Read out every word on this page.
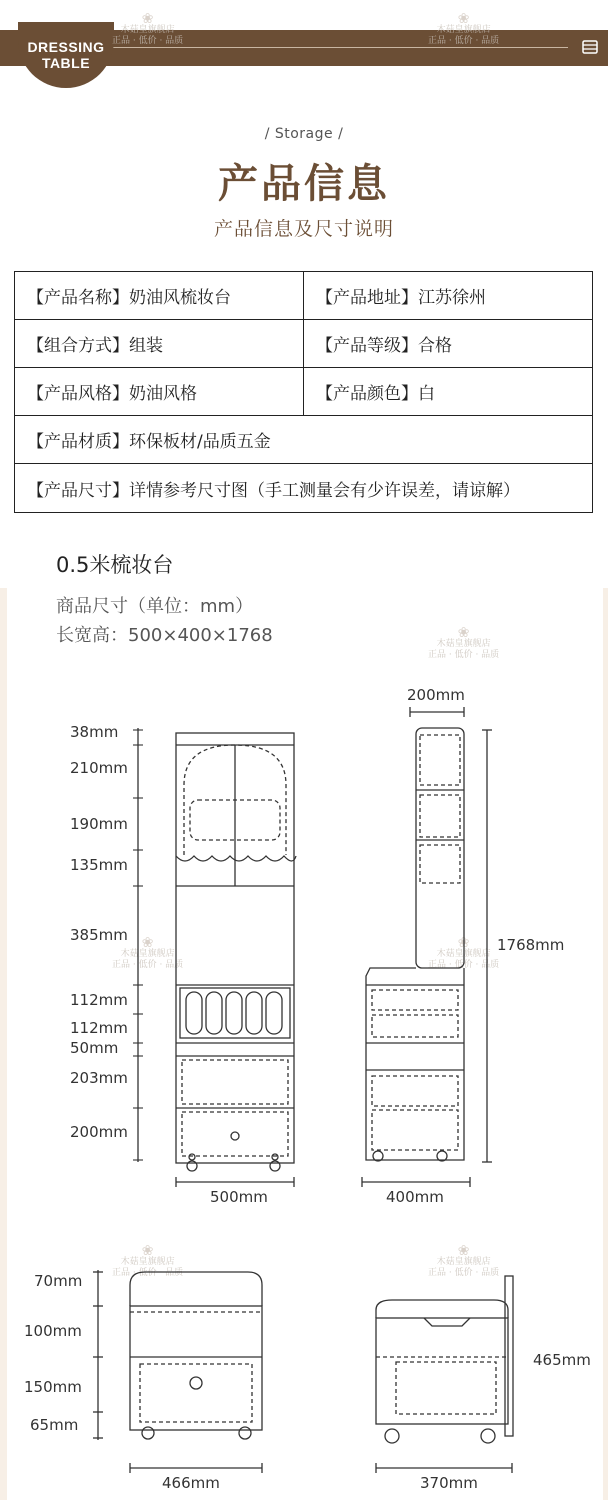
DRESSING
TABLE
❀
木菇皇旗舰店
正品 · 低价 · 品质
❀
木菇皇旗舰店
正品 · 低价 · 品质
/ Storage /
产品信息
产品信息及尺寸说明
【产品名称】奶油风梳妆台	【产品地址】江苏徐州
【组合方式】组装	【产品等级】合格
【产品风格】奶油风格	【产品颜色】白
【产品材质】环保板材/品质五金
【产品尺寸】详情参考尺寸图（手工测量会有少许误差，请谅解）
0.5米梳妆台
商品尺寸（单位：mm）
长宽高：500×400×1768	❀
木菇皇旗舰店
正品 · 低价 · 品质
❀
木菇皇旗舰店
正品 · 低价 · 品质
❀
木菇皇旗舰店
正品 · 低价 · 品质
❀
木菇皇旗舰店
正品 · 低价 · 品质
❀
木菇皇旗舰店
正品 · 低价 · 品质
38mm
210mm
190mm
135mm
385mm
112mm
112mm
50mm
203mm
200mm
500mm
200mm
1768mm
400mm
70mm
100mm
150mm
65mm
466mm
465mm
370mm
